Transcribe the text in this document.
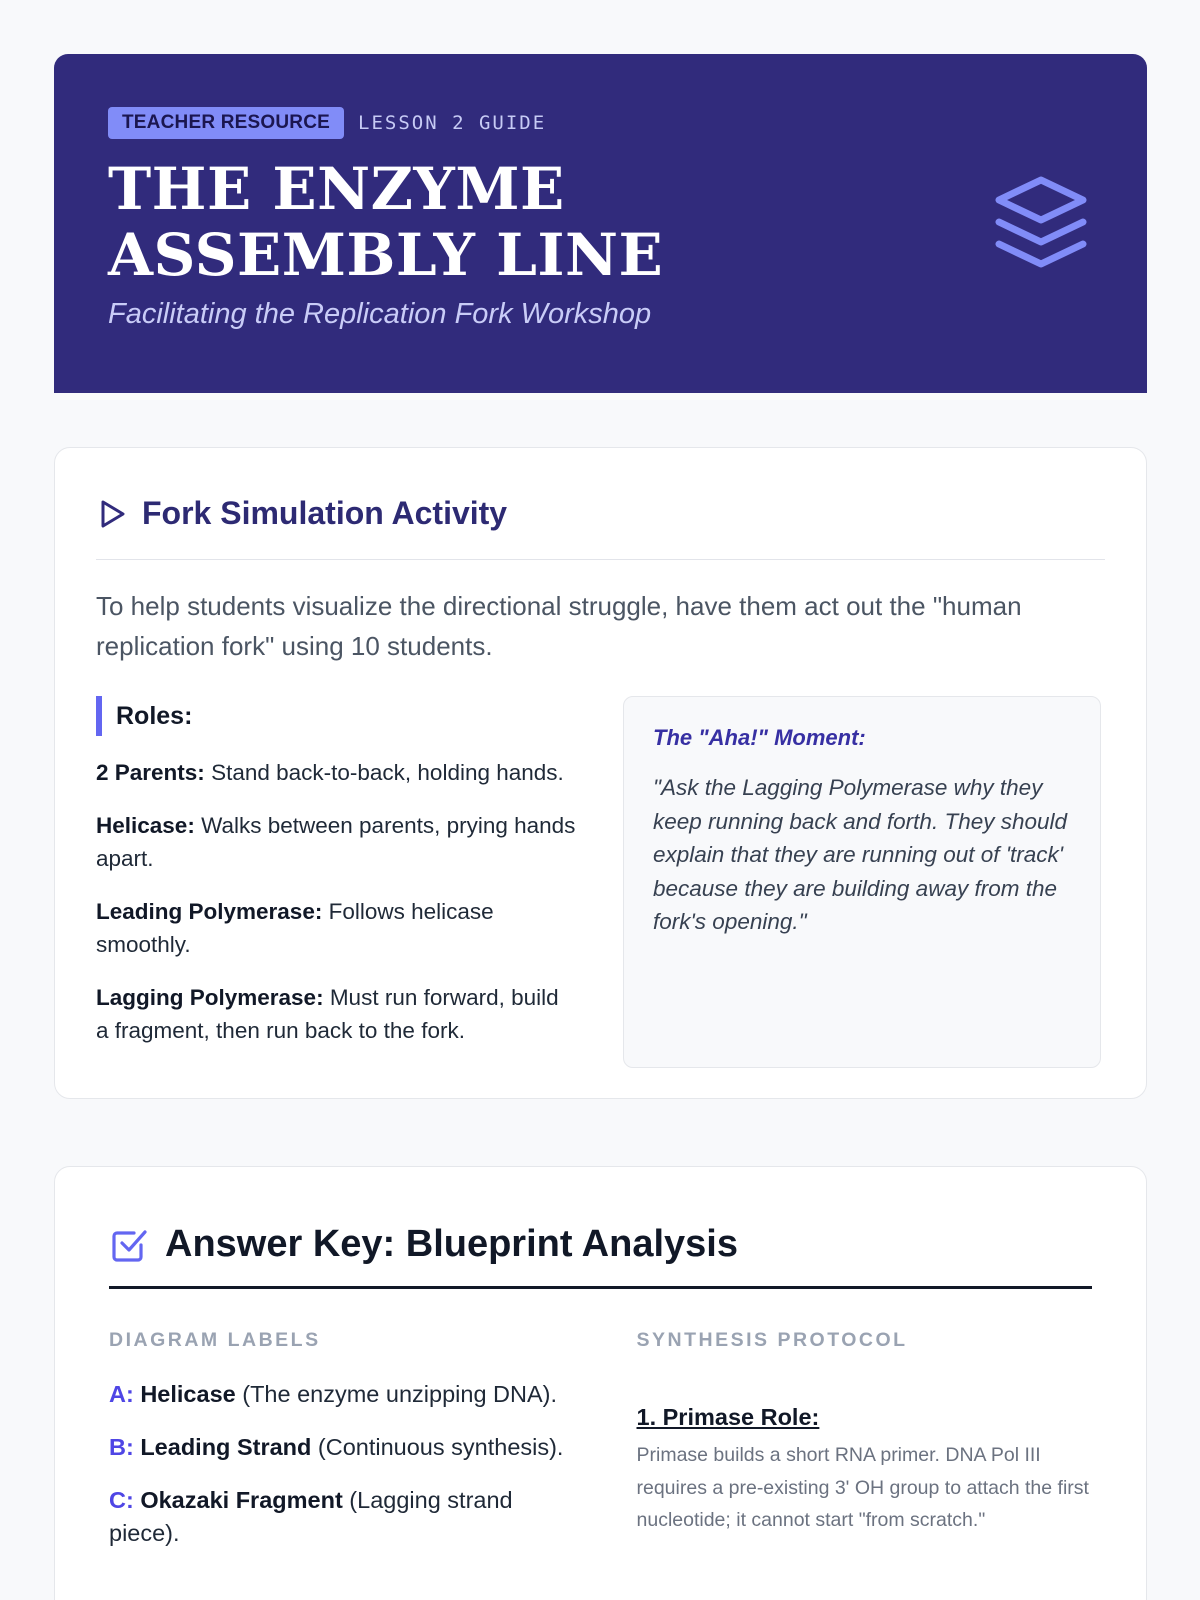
TEACHER RESOURCE	LESSON 2 GUIDE
THE ENZYME ASSEMBLY LINE
Facilitating the Replication Fork Workshop
Fork Simulation Activity

To help students visualize the directional struggle, have them act out the "human replication fork" using 10 students.

Roles:

2 Parents: Stand back-to-back, holding hands.

Helicase: Walks between parents, prying hands apart.

Leading Polymerase: Follows helicase smoothly.

Lagging Polymerase: Must run forward, build a fragment, then run back to the fork.

The "Aha!" Moment:

"Ask the Lagging Polymerase why they keep running back and forth. They should explain that they are running out of 'track' because they are building away from the fork's opening."

Answer Key: Blueprint Analysis
DIAGRAM LABELS

A: Helicase (The enzyme unzipping DNA).

B: Leading Strand (Continuous synthesis).

C: Okazaki Fragment (Lagging strand piece).

SYNTHESIS PROTOCOL
1. Primase Role:

Primase builds a short RNA primer. DNA Pol III requires a pre-existing 3' OH group to attach the first nucleotide; it cannot start "from scratch."
